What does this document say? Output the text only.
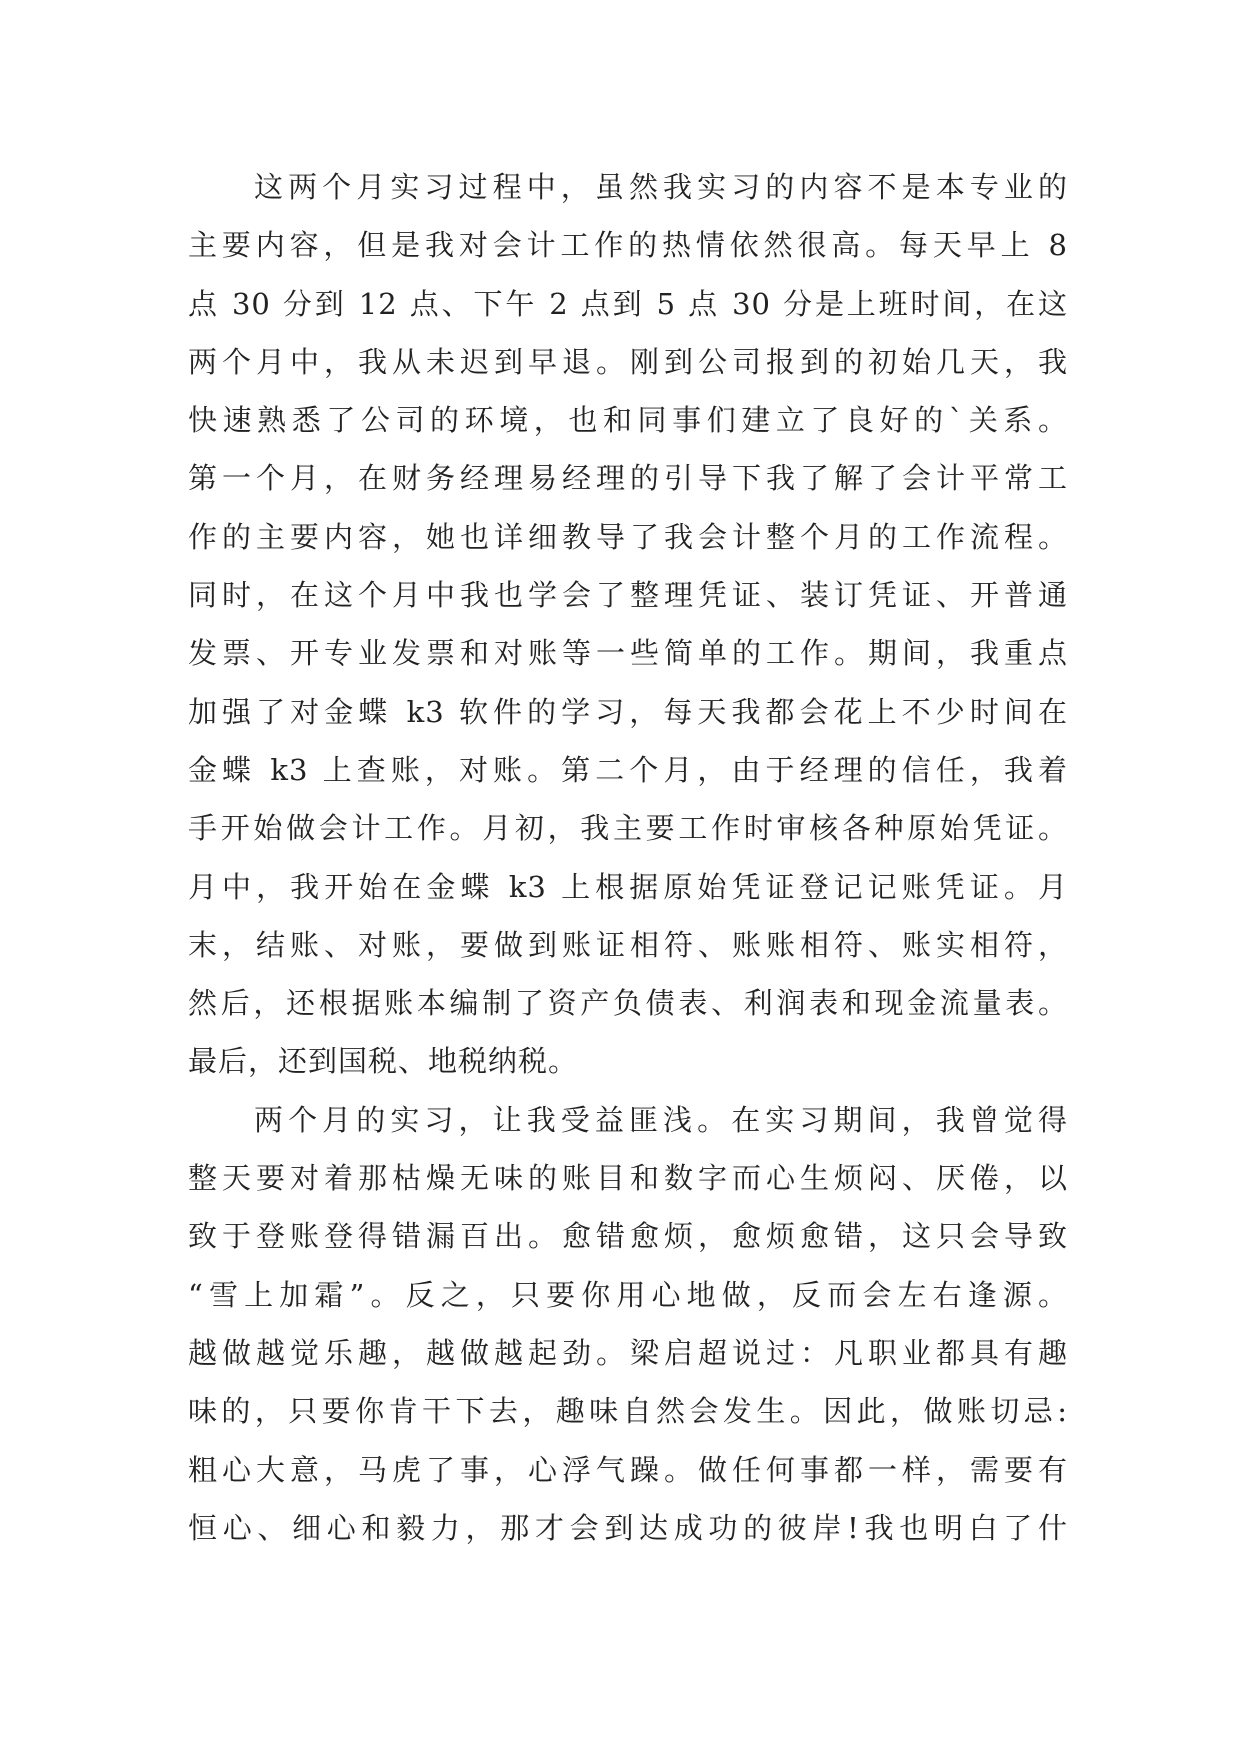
这两个月实习过程中，虽然我实习的内容不是本专业的
主要内容，但是我对会计工作的热情依然很高。每天早上 8
点 30 分到 12 点、下午 2 点到 5 点 30 分是上班时间，在这
两个月中，我从未迟到早退。刚到公司报到的初始几天，我
快速熟悉了公司的环境，也和同事们建立了良好的`关系。
第一个月，在财务经理易经理的引导下我了解了会计平常工
作的主要内容，她也详细教导了我会计整个月的工作流程。
同时，在这个月中我也学会了整理凭证、装订凭证、开普通
发票、开专业发票和对账等一些简单的工作。期间，我重点
加强了对金蝶 k3 软件的学习，每天我都会花上不少时间在
金蝶 k3 上查账，对账。第二个月，由于经理的信任，我着
手开始做会计工作。月初，我主要工作时审核各种原始凭证。
月中，我开始在金蝶 k3 上根据原始凭证登记记账凭证。月
末，结账、对账，要做到账证相符、账账相符、账实相符，
然后，还根据账本编制了资产负债表、利润表和现金流量表。
最后，还到国税、地税纳税。
两个月的实习，让我受益匪浅。在实习期间，我曾觉得
整天要对着那枯燥无味的账目和数字而心生烦闷、厌倦，以
致于登账登得错漏百出。愈错愈烦，愈烦愈错，这只会导致
“雪上加霜”。反之，只要你用心地做，反而会左右逢源。
越做越觉乐趣，越做越起劲。梁启超说过：凡职业都具有趣
味的，只要你肯干下去，趣味自然会发生。因此，做账切忌:
粗心大意，马虎了事，心浮气躁。做任何事都一样，需要有
恒心、细心和毅力，那才会到达成功的彼岸!我也明白了什
